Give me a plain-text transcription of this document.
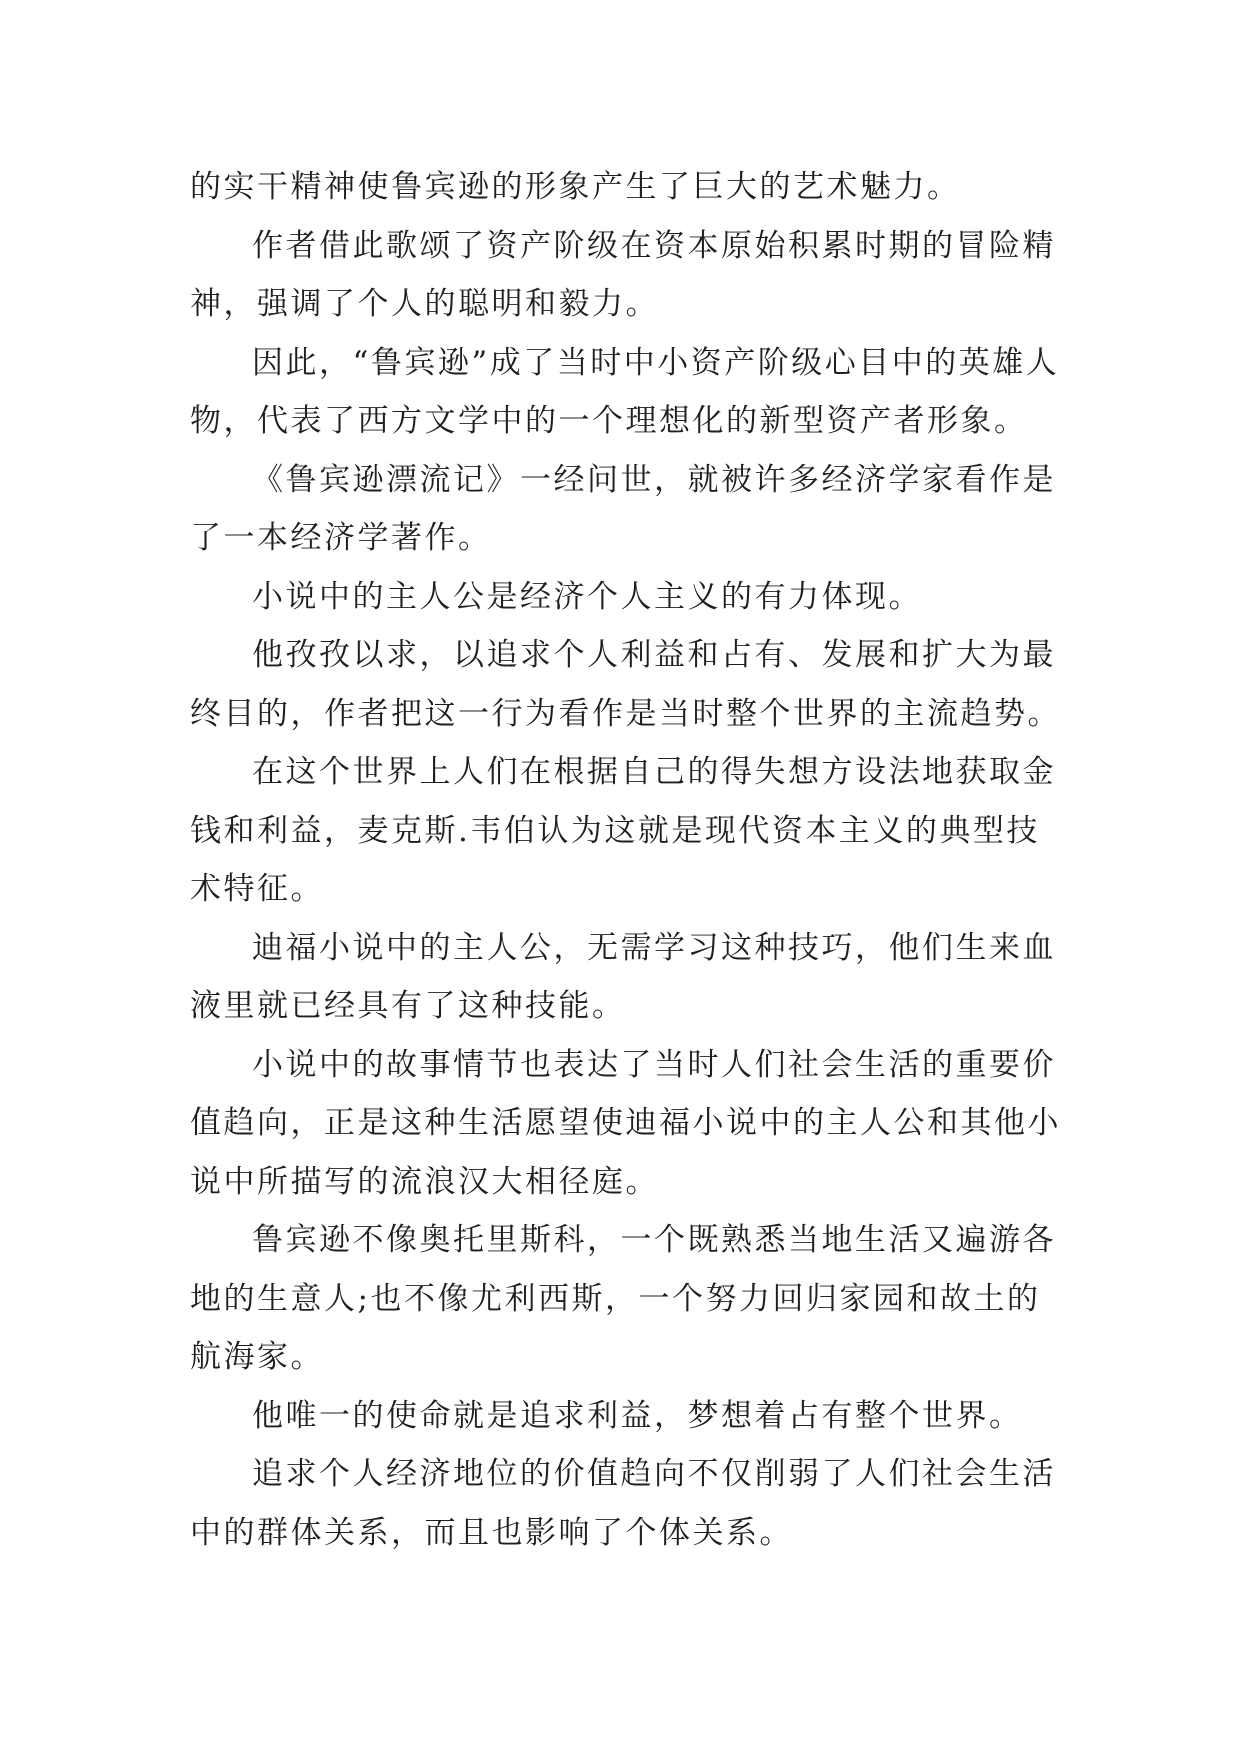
的实干精神使鲁宾逊的形象产生了巨大的艺术魅力。

作者借此歌颂了资产阶级在资本原始积累时期的冒险精神，强调了个人的聪明和毅力。

因此，“鲁宾逊”成了当时中小资产阶级心目中的英雄人物，代表了西方文学中的一个理想化的新型资产者形象。

《鲁宾逊漂流记》一经问世，就被许多经济学家看作是了一本经济学著作。

小说中的主人公是经济个人主义的有力体现。

他孜孜以求，以追求个人利益和占有、发展和扩大为最终目的，作者把这一行为看作是当时整个世界的主流趋势。

在这个世界上人们在根据自己的得失想方设法地获取金钱和利益，麦克斯.韦伯认为这就是现代资本主义的典型技术特征。

迪福小说中的主人公，无需学习这种技巧，他们生来血液里就已经具有了这种技能。

小说中的故事情节也表达了当时人们社会生活的重要价值趋向，正是这种生活愿望使迪福小说中的主人公和其他小说中所描写的流浪汉大相径庭。

鲁宾逊不像奥托里斯科，一个既熟悉当地生活又遍游各地的生意人;也不像尤利西斯，一个努力回归家园和故土的航海家。

他唯一的使命就是追求利益，梦想着占有整个世界。

追求个人经济地位的价值趋向不仅削弱了人们社会生活中的群体关系，而且也影响了个体关系。
